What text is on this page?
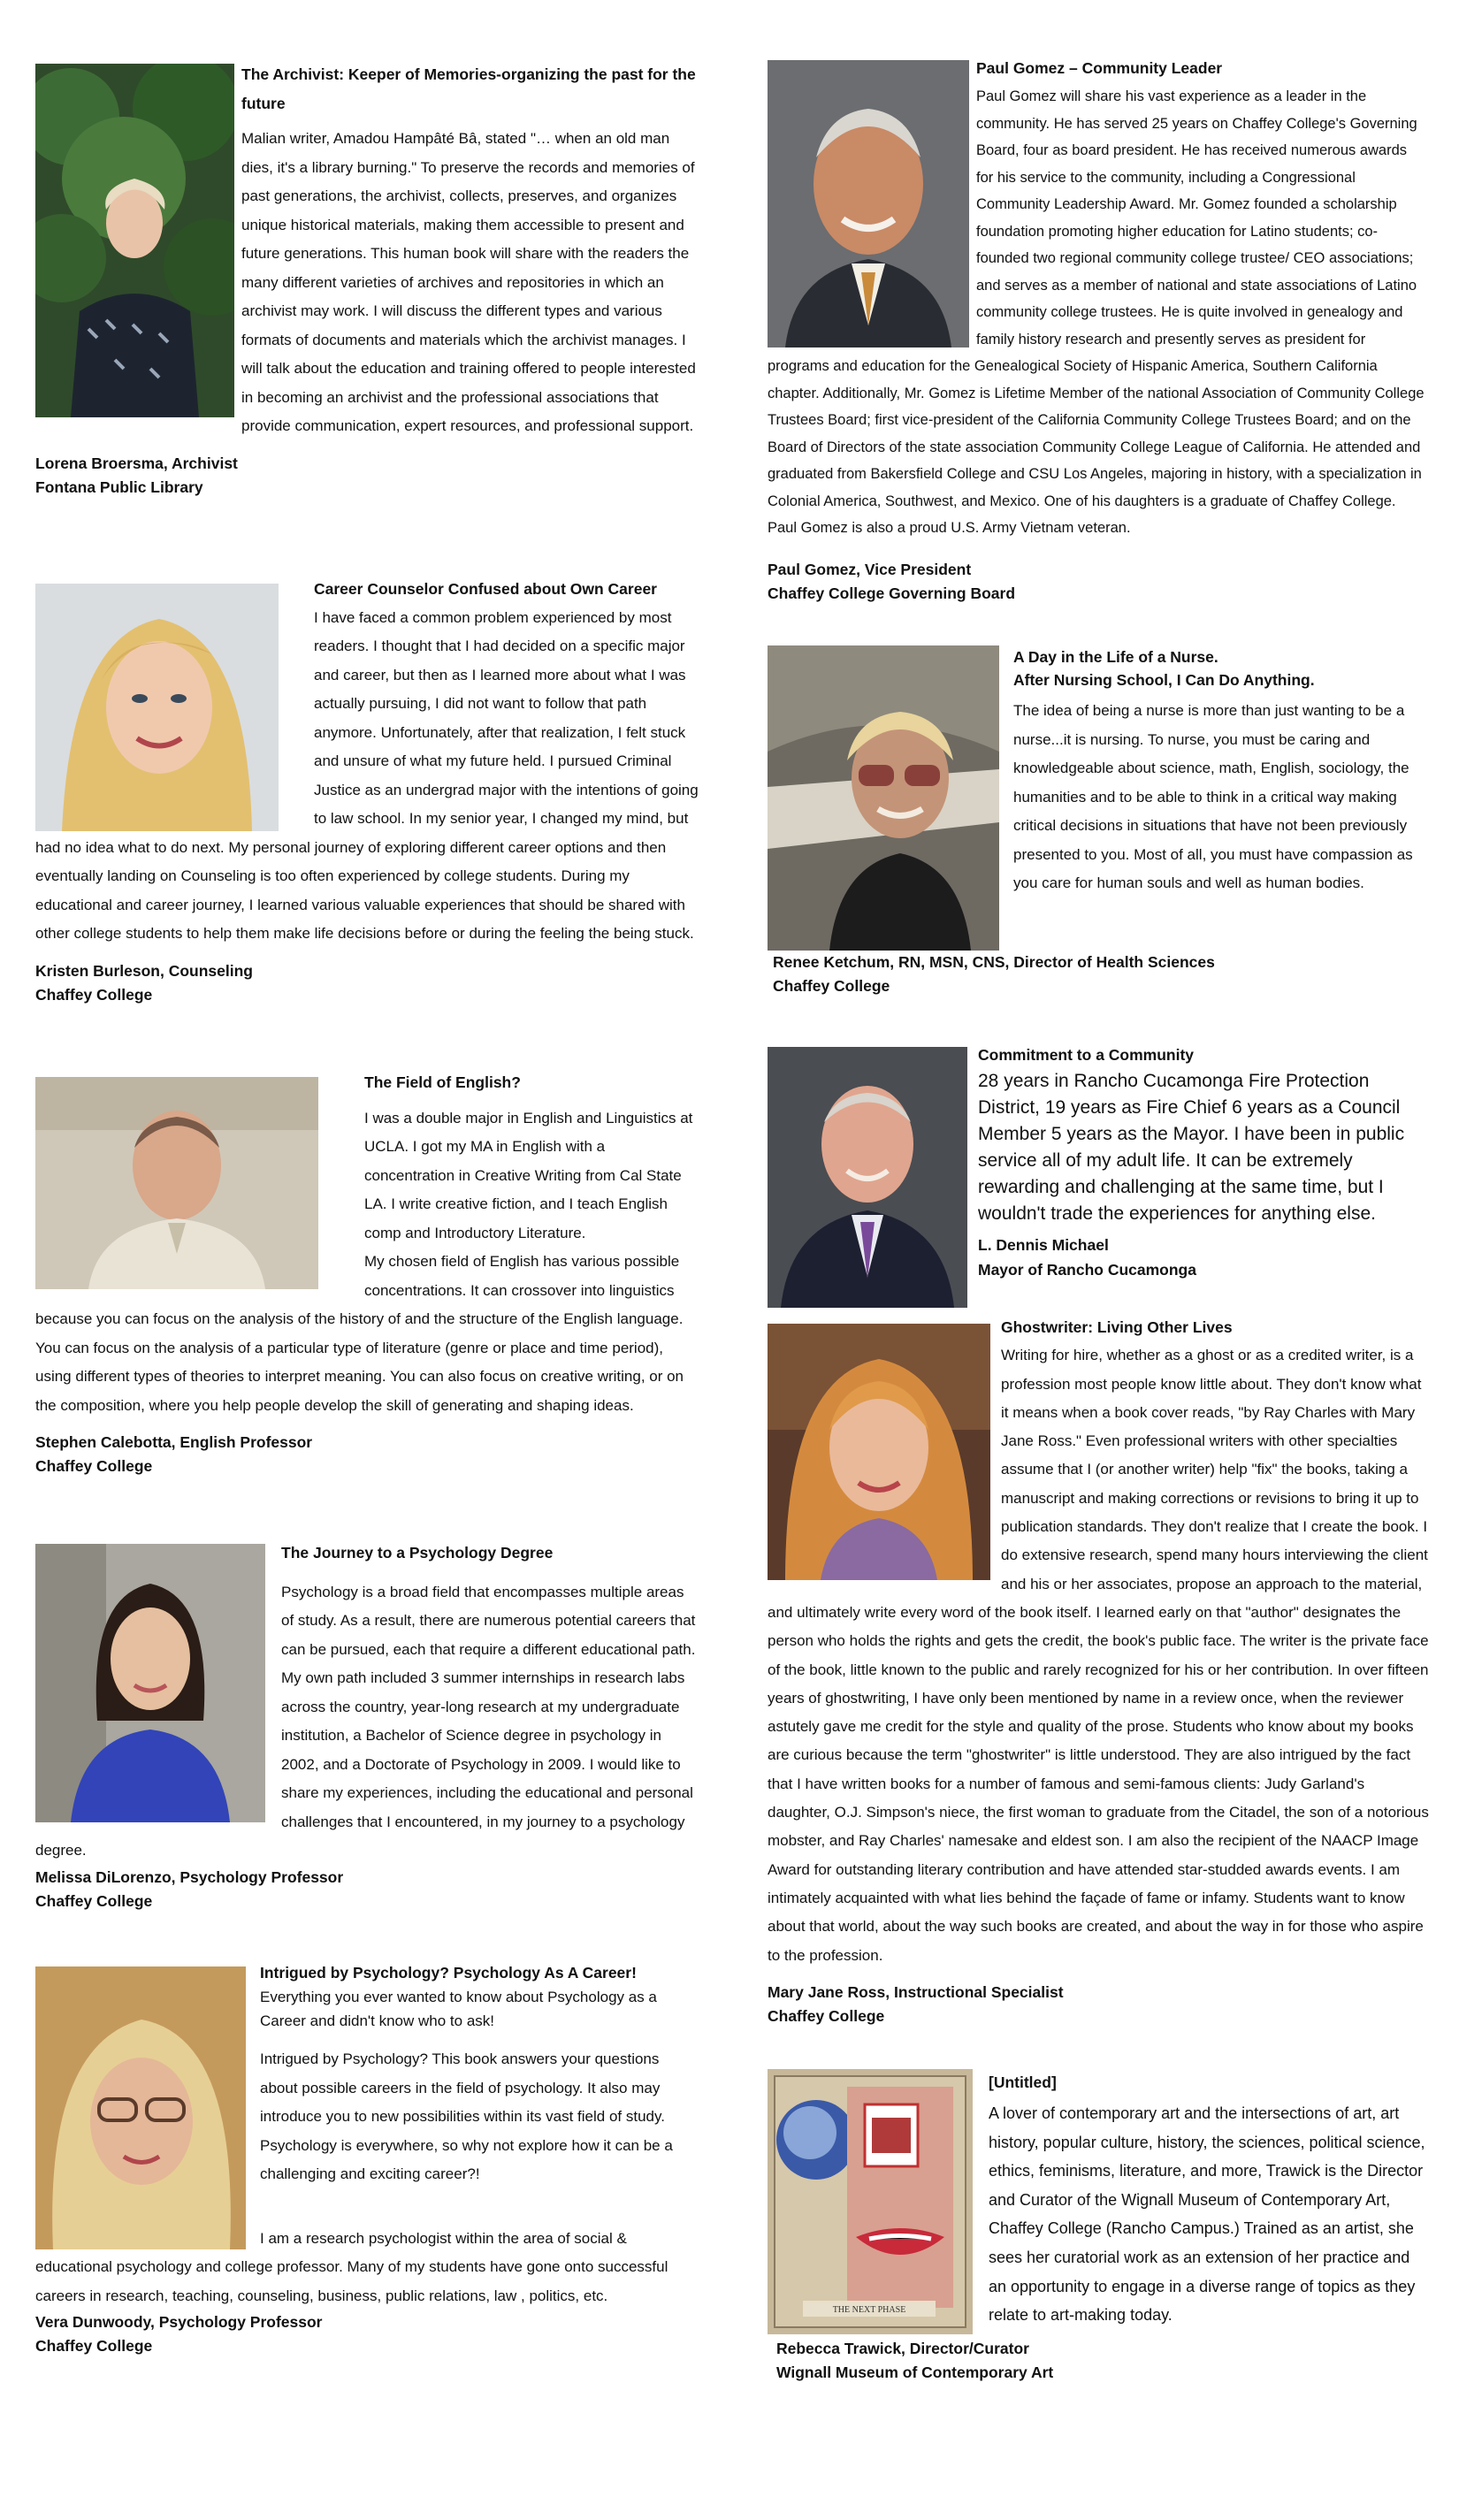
The Archivist: Keeper of Memories-organizing the past for the future

Malian writer, Amadou Hampâté Bâ, stated "… when an old man dies, it's a library burning." To preserve the records and memories of past generations, the archivist, collects, preserves, and organizes unique historical materials, making them accessible to present and future generations. This human book will share with the readers the many different varieties of archives and repositories in which an archivist may work. I will discuss the different types and various formats of documents and materials which the archivist manages. I will talk about the education and training offered to people interested in becoming an archivist and the professional associations that provide communication, expert resources, and professional support.

Lorena Broersma, Archivist
Fontana Public Library
Career Counselor Confused about Own Career

I have faced a common problem experienced by most readers. I thought that I had decided on a specific major and career, but then as I learned more about what I was actually pursuing, I did not want to follow that path anymore. Unfortunately, after that realization, I felt stuck and unsure of what my future held. I pursued Criminal Justice as an undergrad major with the intentions of going to law school. In my senior year, I changed my mind, but had no idea what to do next. My personal journey of exploring different career options and then eventually landing on Counseling is too often experienced by college students. During my educational and career journey, I learned various valuable experiences that should be shared with other college students to help them make life decisions before or during the feeling the being stuck.

Kristen Burleson, Counseling
Chaffey College
The Field of English?

I was a double major in English and Linguistics at UCLA. I got my MA in English with a concentration in Creative Writing from Cal State LA. I write creative fiction, and I teach English comp and Introductory Literature.

My chosen field of English has various possible concentrations. It can crossover into linguistics because you can focus on the analysis of the history of and the structure of the English language. You can focus on the analysis of a particular type of literature (genre or place and time period), using different types of theories to interpret meaning. You can also focus on creative writing, or on the composition, where you help people develop the skill of generating and shaping ideas.

Stephen Calebotta, English Professor
Chaffey College
The Journey to a Psychology Degree

Psychology is a broad field that encompasses multiple areas of study. As a result, there are numerous potential careers that can be pursued, each that require a different educational path. My own path included 3 summer internships in research labs across the country, year-long research at my undergraduate institution, a Bachelor of Science degree in psychology in 2002, and a Doctorate of Psychology in 2009. I would like to share my experiences, including the educational and personal challenges that I encountered, in my journey to a psychology degree.

Melissa DiLorenzo, Psychology Professor
Chaffey College
Intrigued by Psychology? Psychology As A Career!
Everything you ever wanted to know about Psychology as a Career and didn't know who to ask!

Intrigued by Psychology? This book answers your questions about possible careers in the field of psychology. It also may introduce you to new possibilities within its vast field of study. Psychology is everywhere, so why not explore how it can be a challenging and exciting career?!

I am a research psychologist within the area of social & educational psychology and college professor. Many of my students have gone onto successful careers in research, teaching, counseling, business, public relations, law , politics, etc.

Vera Dunwoody, Psychology Professor
Chaffey College
Paul Gomez – Community Leader

Paul Gomez will share his vast experience as a leader in the community. He has served 25 years on Chaffey College's Governing Board, four as board president. He has received numerous awards for his service to the community, including a Congressional Community Leadership Award. Mr. Gomez founded a scholarship foundation promoting higher education for Latino students; co-founded two regional community college trustee/ CEO associations; and serves as a member of national and state associations of Latino community college trustees. He is quite involved in genealogy and family history research and presently serves as president for programs and education for the Genealogical Society of Hispanic America, Southern California chapter. Additionally, Mr. Gomez is Lifetime Member of the national Association of Community College Trustees Board; first vice-president of the California Community College Trustees Board; and on the Board of Directors of the state association Community College League of California. He attended and graduated from Bakersfield College and CSU Los Angeles, majoring in history, with a specialization in Colonial America, Southwest, and Mexico. One of his daughters is a graduate of Chaffey College. Paul Gomez is also a proud U.S. Army Vietnam veteran.

Paul Gomez, Vice President
Chaffey College Governing Board
A Day in the Life of a Nurse.
After Nursing School, I Can Do Anything.

The idea of being a nurse is more than just wanting to be a nurse...it is nursing. To nurse, you must be caring and knowledgeable about science, math, English, sociology, the humanities and to be able to think in a critical way making critical decisions in situations that have not been previously presented to you. Most of all, you must have compassion as you care for human souls and well as human bodies.

Renee Ketchum, RN, MSN, CNS, Director of Health Sciences
Chaffey College
Commitment to a Community

28 years in Rancho Cucamonga Fire Protection District, 19 years as Fire Chief 6 years as a Council Member 5 years as the Mayor. I have been in public service all of my adult life. It can be extremely rewarding and challenging at the same time, but I wouldn't trade the experiences for anything else.

L. Dennis Michael
Mayor of Rancho Cucamonga
Ghostwriter: Living Other Lives

Writing for hire, whether as a ghost or as a credited writer, is a profession most people know little about. They don't know what it means when a book cover reads, "by Ray Charles with Mary Jane Ross." Even professional writers with other specialties assume that I (or another writer) help "fix" the books, taking a manuscript and making corrections or revisions to bring it up to publication standards. They don't realize that I create the book. I do extensive research, spend many hours interviewing the client and his or her associates, propose an approach to the material, and ultimately write every word of the book itself. I learned early on that "author" designates the person who holds the rights and gets the credit, the book's public face. The writer is the private face of the book, little known to the public and rarely recognized for his or her contribution. In over fifteen years of ghostwriting, I have only been mentioned by name in a review once, when the reviewer astutely gave me credit for the style and quality of the prose. Students who know about my books are curious because the term "ghostwriter" is little understood. They are also intrigued by the fact that I have written books for a number of famous and semi-famous clients: Judy Garland's daughter, O.J. Simpson's niece, the first woman to graduate from the Citadel, the son of a notorious mobster, and Ray Charles' namesake and eldest son. I am also the recipient of the NAACP Image Award for outstanding literary contribution and have attended star-studded awards events. I am intimately acquainted with what lies behind the façade of fame or infamy. Students want to know about that world, about the way such books are created, and about the way in for those who aspire to the profession.

Mary Jane Ross, Instructional Specialist
Chaffey College
THE NEXT PHASE
[Untitled]

A lover of contemporary art and the intersections of art, art history, popular culture, history, the sciences, political science, ethics, feminisms, literature, and more, Trawick is the Director and Curator of the Wignall Museum of Contemporary Art, Chaffey College (Rancho Campus.) Trained as an artist, she sees her curatorial work as an extension of her practice and an opportunity to engage in a diverse range of topics as they relate to art-making today.

Rebecca Trawick, Director/Curator
Wignall Museum of Contemporary Art
